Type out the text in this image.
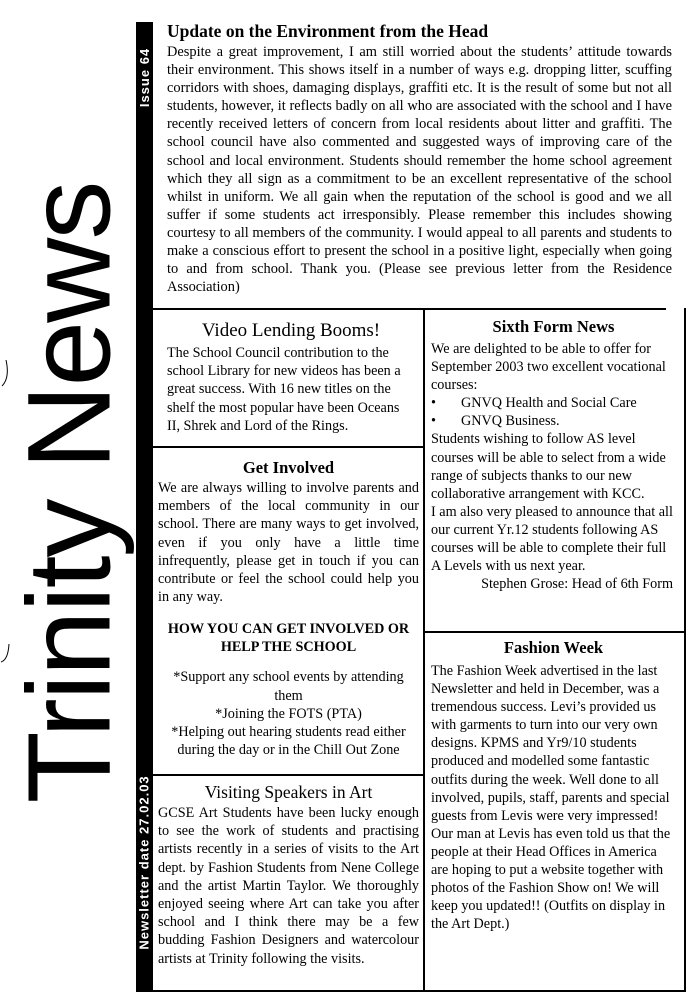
Trinity News
Issue 64
Newsletter date 27.02.03
Update on the Environment from the Head

Despite a great improvement, I am still worried about the students’ attitude towards their environment. This shows itself in a number of ways e.g. dropping litter, scuffing corridors with shoes, damaging displays, graffiti etc. It is the result of some but not all students, however, it reflects badly on all who are associated with the school and I have recently received letters of concern from local residents about litter and graffiti. The school council have also commented and suggested ways of improving care of the school and local environment. Students should remember the home school agreement which they all sign as a commitment to be an excellent representative of the school whilst in uniform. We all gain when the reputation of the school is good and we all suffer if some students act irresponsibly. Please remember this includes showing courtesy to all members of the community. I would appeal to all parents and students to make a conscious effort to present the school in a positive light, especially when going to and from school. Thank you. (Please see previous letter from the Residence Association)

Video Lending Booms!

The School Council contribution to the school Library for new videos has been a great success. With 16 new titles on the shelf the most popular have been Oceans II, Shrek and Lord of the Rings.

Get Involved

We are always willing to involve parents and members of the local community in our school. There are many ways to get involved, even if you only have a little time infrequently, please get in touch if you can contribute or feel the school could help you in any way.

HOW YOU CAN GET INVOLVED OR HELP THE SCHOOL
*Support any school events by attending them
*Joining the FOTS (PTA)
*Helping out hearing students read either during the day or in the Chill Out Zone
Visiting Speakers in Art

GCSE Art Students have been lucky enough to see the work of students and practising artists recently in a series of visits to the Art dept. by Fashion Students from Nene College and the artist Martin Taylor. We thoroughly enjoyed seeing where Art can take you after school and I think there may be a few budding Fashion Designers and watercolour artists at Trinity following the visits.

Sixth Form News

We are delighted to be able to offer for September 2003 two excellent vocational courses:

• GNVQ Health and Social Care
• GNVQ Business.

Students wishing to follow AS level courses will be able to select from a wide range of subjects thanks to our new collaborative arrangement with KCC.

I am also very pleased to announce that all our current Yr.12 students following AS courses will be able to complete their full A Levels with us next year.

Stephen Grose: Head of 6th Form

Fashion Week

The Fashion Week advertised in the last Newsletter and held in December, was a tremendous success. Levi’s provided us with garments to turn into our very own designs. KPMS and Yr9/10 students produced and modelled some fantastic outfits during the week. Well done to all involved, pupils, staff, parents and special guests from Levis were very impressed! Our man at Levis has even told us that the people at their Head Offices in America are hoping to put a website together with photos of the Fashion Show on! We will keep you updated!! (Outfits on display in the Art Dept.)
